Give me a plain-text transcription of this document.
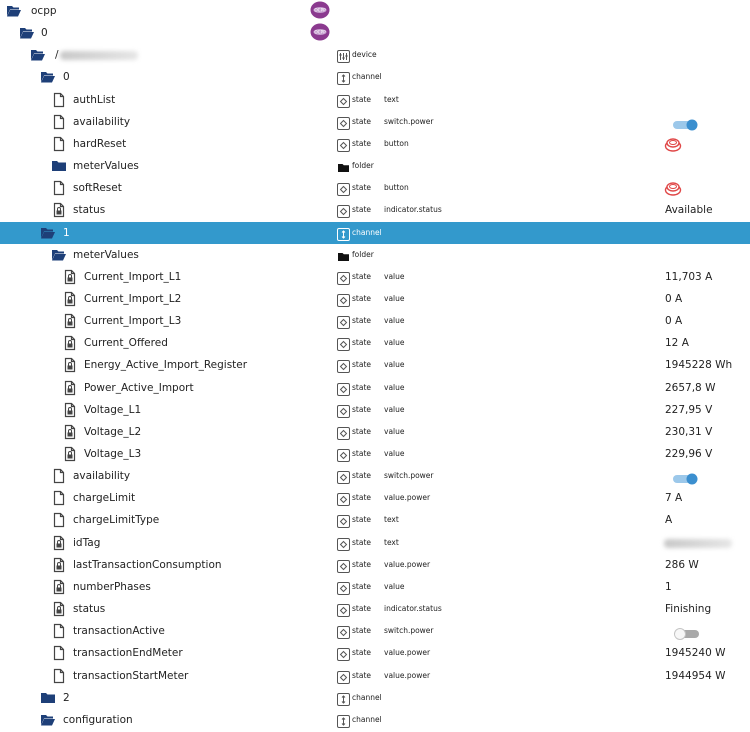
ocpp	OCPP
0	OCPP
/	device
0	channel
authList	state text
availability	state switch.power
hardReset	state button
meterValues	folder
softReset	state button
status	state indicator.status	Available
1	channel
meterValues	folder
Current_Import_L1	state value	11,703 A
Current_Import_L2	state value	0 A
Current_Import_L3	state value	0 A
Current_Offered	state value	12 A
Energy_Active_Import_Register	state value	1945228 Wh
Power_Active_Import	state value	2657,8 W
Voltage_L1	state value	227,95 V
Voltage_L2	state value	230,31 V
Voltage_L3	state value	229,96 V
availability	state switch.power
chargeLimit	state value.power	7 A
chargeLimitType	state text	A
idTag	state text
lastTransactionConsumption	state value.power	286 W
numberPhases	state value	1
status	state indicator.status	Finishing
transactionActive	state switch.power
transactionEndMeter	state value.power	1945240 W
transactionStartMeter	state value.power	1944954 W
2	channel
configuration	channel
